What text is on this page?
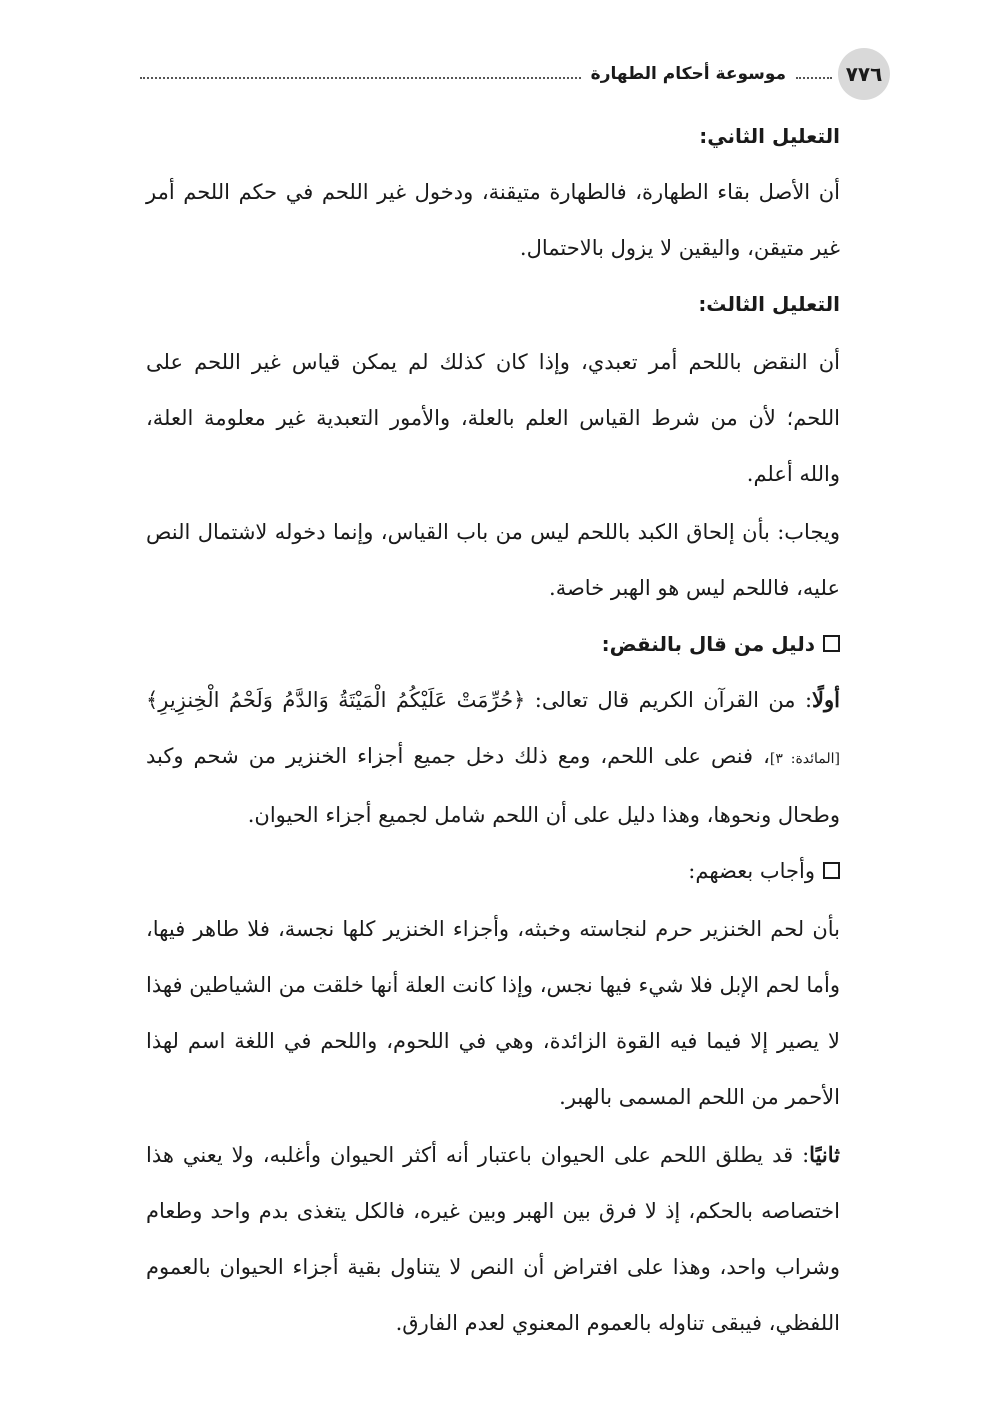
٧٧٦
موسوعة أحكام الطهارة

التعليل الثاني:

أن الأصل بقاء الطهارة، فالطهارة متيقنة، ودخول غير اللحم في حكم اللحم أمر غير متيقن، واليقين لا يزول بالاحتمال.

التعليل الثالث:

أن النقض باللحم أمر تعبدي، وإذا كان كذلك لم يمكن قياس غير اللحم على اللحم؛ لأن من شرط القياس العلم بالعلة، والأمور التعبدية غير معلومة العلة، والله أعلم.

ويجاب: بأن إلحاق الكبد باللحم ليس من باب القياس، وإنما دخوله لاشتمال النص عليه، فاللحم ليس هو الهبر خاصة.

دليل من قال بالنقض:

أولًا: من القرآن الكريم قال تعالى: ﴿حُرِّمَتْ عَلَيْكُمُ الْمَيْتَةُ وَالدَّمُ وَلَحْمُ الْخِنزِيرِ﴾ [المائدة: ٣]، فنص على اللحم، ومع ذلك دخل جميع أجزاء الخنزير من شحم وكبد وطحال ونحوها، وهذا دليل على أن اللحم شامل لجميع أجزاء الحيوان.

وأجاب بعضهم:

بأن لحم الخنزير حرم لنجاسته وخبثه، وأجزاء الخنزير كلها نجسة، فلا طاهر فيها، وأما لحم الإبل فلا شيء فيها نجس، وإذا كانت العلة أنها خلقت من الشياطين فهذا لا يصير إلا فيما فيه القوة الزائدة، وهي في اللحوم، واللحم في اللغة اسم لهذا الأحمر من اللحم المسمى بالهبر.

ثانيًا: قد يطلق اللحم على الحيوان باعتبار أنه أكثر الحيوان وأغلبه، ولا يعني هذا اختصاصه بالحكم، إذ لا فرق بين الهبر وبين غيره، فالكل يتغذى بدم واحد وطعام وشراب واحد، وهذا على افتراض أن النص لا يتناول بقية أجزاء الحيوان بالعموم اللفظي، فيبقى تناوله بالعموم المعنوي لعدم الفارق.
